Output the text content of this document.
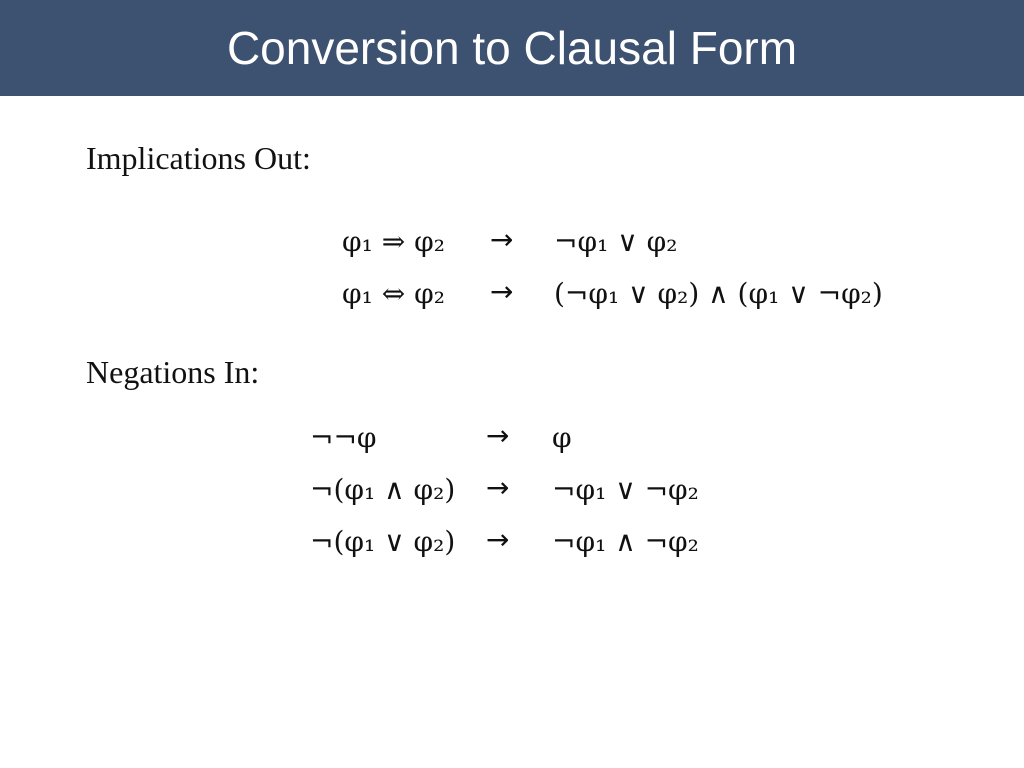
Conversion to Clausal Form
Implications Out:
φ₁ ⇒ φ₂ → ¬φ₁ ∨ φ₂
φ₁ ⇔ φ₂ → (¬φ₁ ∨ φ₂) ∧ (φ₁ ∨ ¬φ₂)
Negations In:
¬¬φ	→ φ
¬(φ₁ ∧ φ₂) → ¬φ₁ ∨ ¬φ₂
¬(φ₁ ∨ φ₂) → ¬φ₁ ∧ ¬φ₂
